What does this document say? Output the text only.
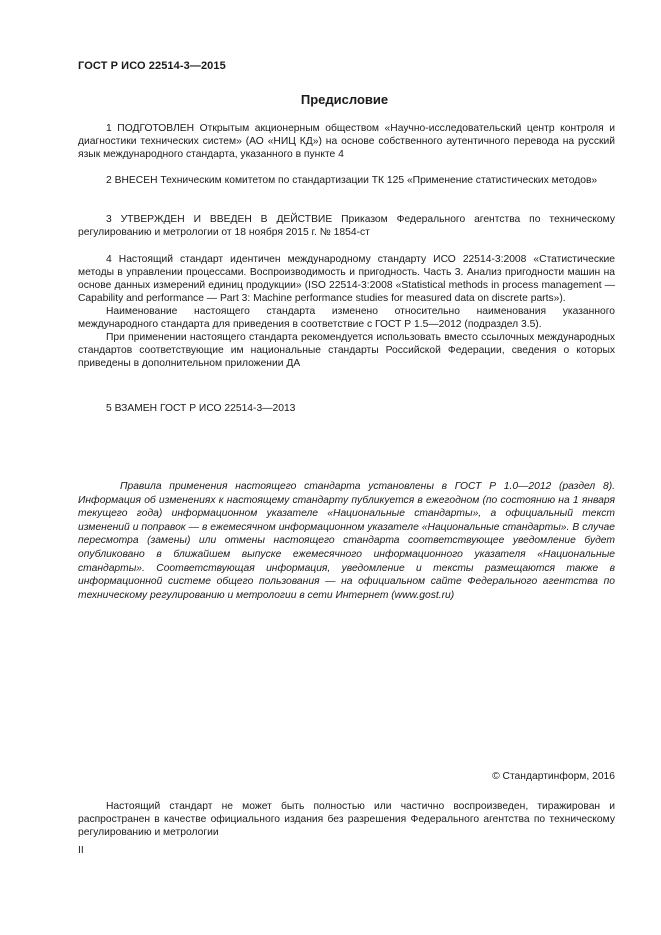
ГОСТ Р ИСО 22514-3—2015
Предисловие

1 ПОДГОТОВЛЕН Открытым акционерным обществом «Научно-исследовательский центр контроля и диагностики технических систем» (АО «НИЦ КД») на основе собственного аутентичного перевода на русский язык международного стандарта, указанного в пункте 4

2 ВНЕСЕН Техническим комитетом по стандартизации ТК 125 «Применение статистических методов»

3 УТВЕРЖДЕН И ВВЕДЕН В ДЕЙСТВИЕ Приказом Федерального агентства по техническому регулированию и метрологии от 18 ноября 2015 г. № 1854-ст

4 Настоящий стандарт идентичен международному стандарту ИСО 22514-3:2008 «Статистические методы в управлении процессами. Воспроизводимость и пригодность. Часть 3. Анализ пригодности машин на основе данных измерений единиц продукции» (ISO 22514-3:2008 «Statistical methods in process management — Capability and performance — Part 3: Machine performance studies for measured data on discrete parts»).

Наименование настоящего стандарта изменено относительно наименования указанного международного стандарта для приведения в соответствие с ГОСТ Р 1.5—2012 (подраздел 3.5).

При применении настоящего стандарта рекомендуется использовать вместо ссылочных международных стандартов соответствующие им национальные стандарты Российской Федерации, сведения о которых приведены в дополнительном приложении ДА

5 ВЗАМЕН ГОСТ Р ИСО 22514-3—2013

Правила применения настоящего стандарта установлены в ГОСТ Р 1.0—2012 (раздел 8). Информация об изменениях к настоящему стандарту публикуется в ежегодном (по состоянию на 1 января текущего года) информационном указателе «Национальные стандарты», а официальный текст изменений и поправок — в ежемесячном информационном указателе «Национальные стандарты». В случае пересмотра (замены) или отмены настоящего стандарта соответствующее уведомление будет опубликовано в ближайшем выпуске ежемесячного информационного указателя «Национальные стандарты». Соответствующая информация, уведомление и тексты размещаются также в информационной системе общего пользования — на официальном сайте Федерального агентства по техническому регулированию и метрологии в сети Интернет (www.gost.ru)

© Стандартинформ, 2016

Настоящий стандарт не может быть полностью или частично воспроизведен, тиражирован и распространен в качестве официального издания без разрешения Федерального агентства по техническому регулированию и метрологии

II
